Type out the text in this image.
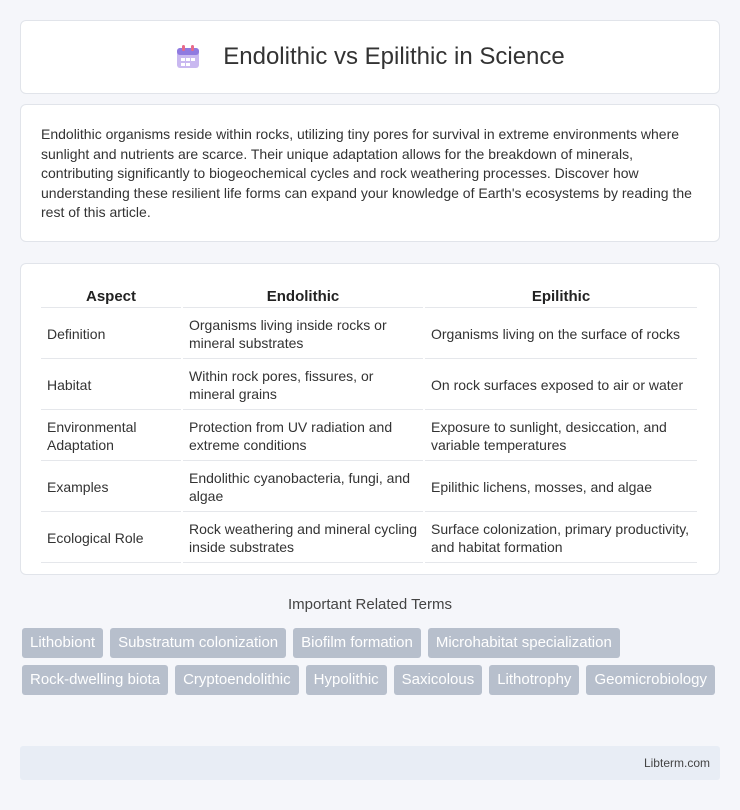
Endolithic vs Epilithic in Science

Endolithic organisms reside within rocks, utilizing tiny pores for survival in extreme environments where sunlight and nutrients are scarce. Their unique adaptation allows for the breakdown of minerals, contributing significantly to biogeochemical cycles and rock weathering processes. Discover how understanding these resilient life forms can expand your knowledge of Earth's ecosystems by reading the rest of this article.

Aspect	Endolithic	Epilithic
Definition	Organisms living inside rocks or mineral substrates	Organisms living on the surface of rocks
Habitat	Within rock pores, fissures, or mineral grains	On rock surfaces exposed to air or water
Environmental Adaptation	Protection from UV radiation and extreme conditions	Exposure to sunlight, desiccation, and variable temperatures
Examples	Endolithic cyanobacteria, fungi, and algae	Epilithic lichens, mosses, and algae
Ecological Role	Rock weathering and mineral cycling inside substrates	Surface colonization, primary productivity, and habitat formation
Important Related Terms
Lithobiont	Substratum colonization	Biofilm formation	Microhabitat specialization
Rock-dwelling biota	Cryptoendolithic	Hypolithic	Saxicolous	Lithotrophy	Geomicrobiology
Libterm.com
